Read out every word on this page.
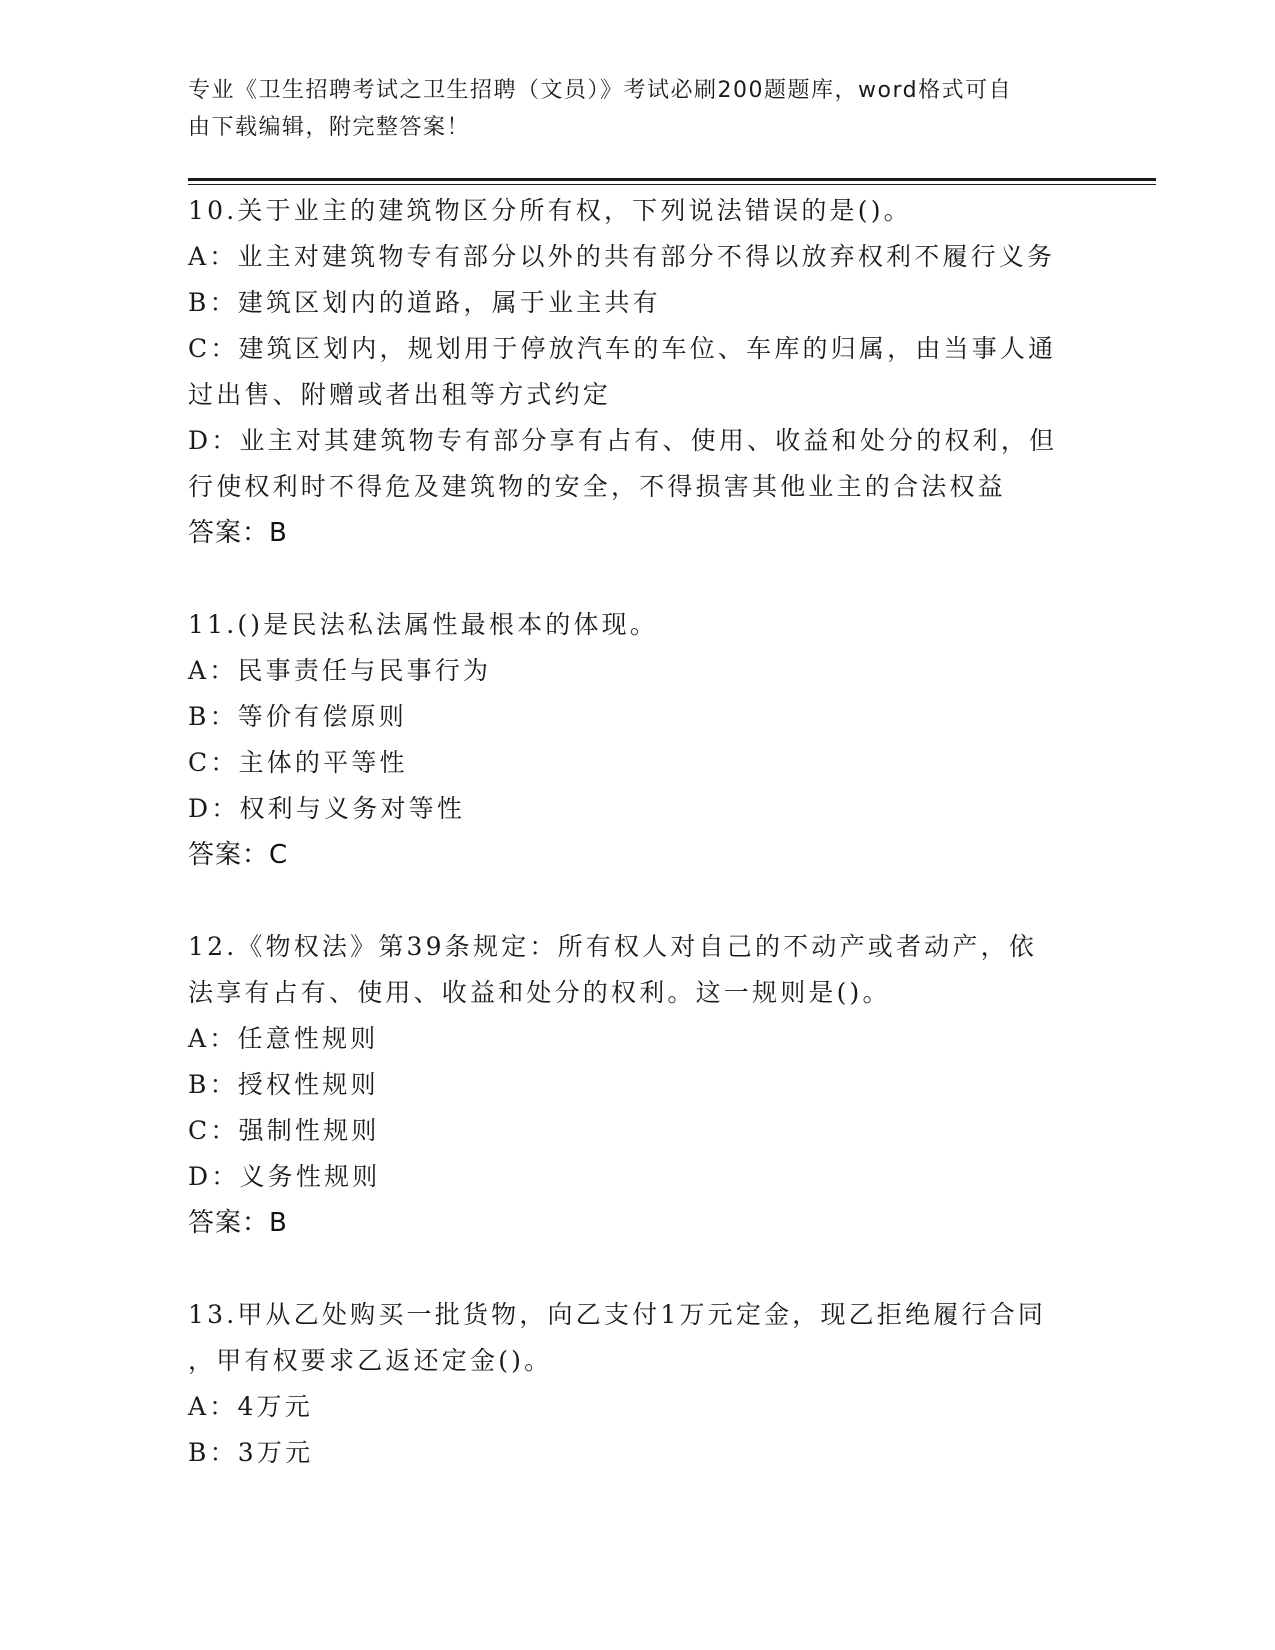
专业《卫生招聘考试之卫生招聘（文员）》考试必刷200题题库，word格式可自
由下载编辑，附完整答案！
10.关于业主的建筑物区分所有权，下列说法错误的是()。
A：业主对建筑物专有部分以外的共有部分不得以放弃权利不履行义务
B：建筑区划内的道路，属于业主共有
C：建筑区划内，规划用于停放汽车的车位、车库的归属，由当事人通
过出售、附赠或者出租等方式约定
D：业主对其建筑物专有部分享有占有、使用、收益和处分的权利，但
行使权利时不得危及建筑物的安全，不得损害其他业主的合法权益
答案：B
11.()是民法私法属性最根本的体现。
A：民事责任与民事行为
B：等价有偿原则
C：主体的平等性
D：权利与义务对等性
答案：C
12.《物权法》第39条规定：所有权人对自己的不动产或者动产，依
法享有占有、使用、收益和处分的权利。这一规则是()。
A：任意性规则
B：授权性规则
C：强制性规则
D：义务性规则
答案：B
13.甲从乙处购买一批货物，向乙支付1万元定金，现乙拒绝履行合同
，甲有权要求乙返还定金()。
A：4万元
B：3万元
